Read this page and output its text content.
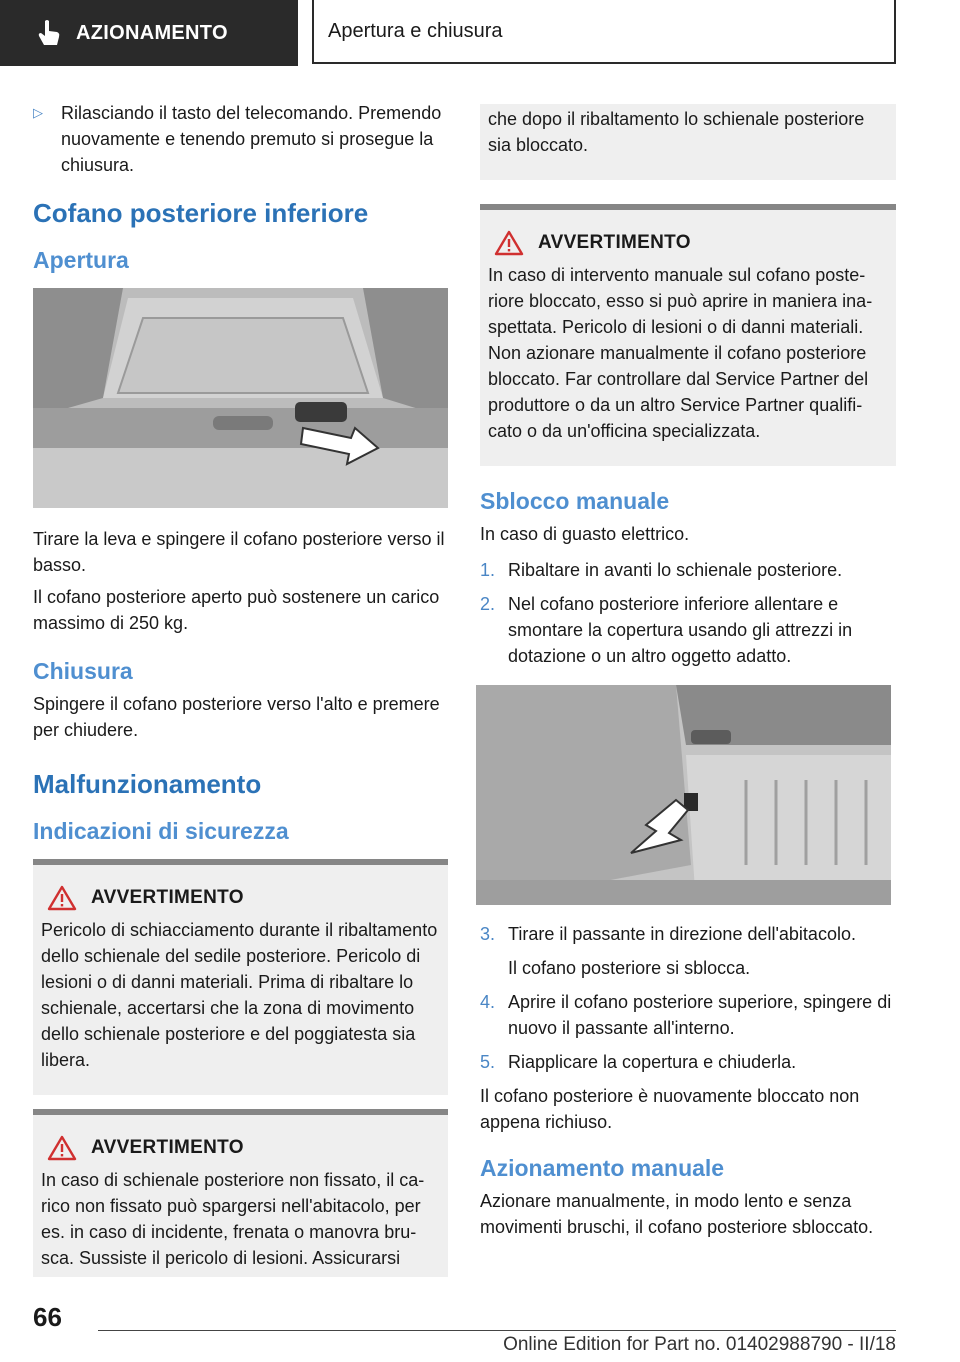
AZIONAMENTO	Apertura e chiusura
▷	Rilasciando il tasto del telecomando. Premendo nuovamente e tenendo premuto si prosegue la chiusura.
Cofano posteriore inferiore
Apertura

Tirare la leva e spingere il cofano posteriore verso il basso.

Il cofano posteriore aperto può sostenere un carico massimo di 250 kg.

Chiusura

Spingere il cofano posteriore verso l'alto e premere per chiudere.

Malfunzionamento
Indicazioni di sicurezza
AVVERTIMENTO
Pericolo di schiacciamento durante il ribaltamento dello schienale del sedile posteriore. Pericolo di lesioni o di danni materiali. Prima di ribaltare lo schienale, accertarsi che la zona di movimento dello schienale posteriore e del poggiatesta sia libera.
AVVERTIMENTO
In caso di schienale posteriore non fissato, il carico non fissato può spargersi nell'abitacolo, per es. in caso di incidente, frenata o manovra brusca. Sussiste il pericolo di lesioni. Assicurarsi
che dopo il ribaltamento lo schienale posteriore sia bloccato.
AVVERTIMENTO
In caso di intervento manuale sul cofano posteriore bloccato, esso si può aprire in maniera inaspettata. Pericolo di lesioni o di danni materiali. Non azionare manualmente il cofano posteriore bloccato. Far controllare dal Service Partner del produttore o da un altro Service Partner qualificato o da un'officina specializzata.
Sblocco manuale

In caso di guasto elettrico.

1. Ribaltare in avanti lo schienale posteriore.
2. Nel cofano posteriore inferiore allentare e smontare la copertura usando gli attrezzi in dotazione o un altro oggetto adatto.
3. Tirare il passante in direzione dell'abitacolo.
Il cofano posteriore si sblocca.
4. Aprire il cofano posteriore superiore, spingere di nuovo il passante all'interno.
5. Riapplicare la copertura e chiuderla.

Il cofano posteriore è nuovamente bloccato non appena richiuso.

Azionamento manuale

Azionare manualmente, in modo lento e senza movimenti bruschi, il cofano posteriore sbloccato.

66
Online Edition for Part no. 01402988790 - II/18
